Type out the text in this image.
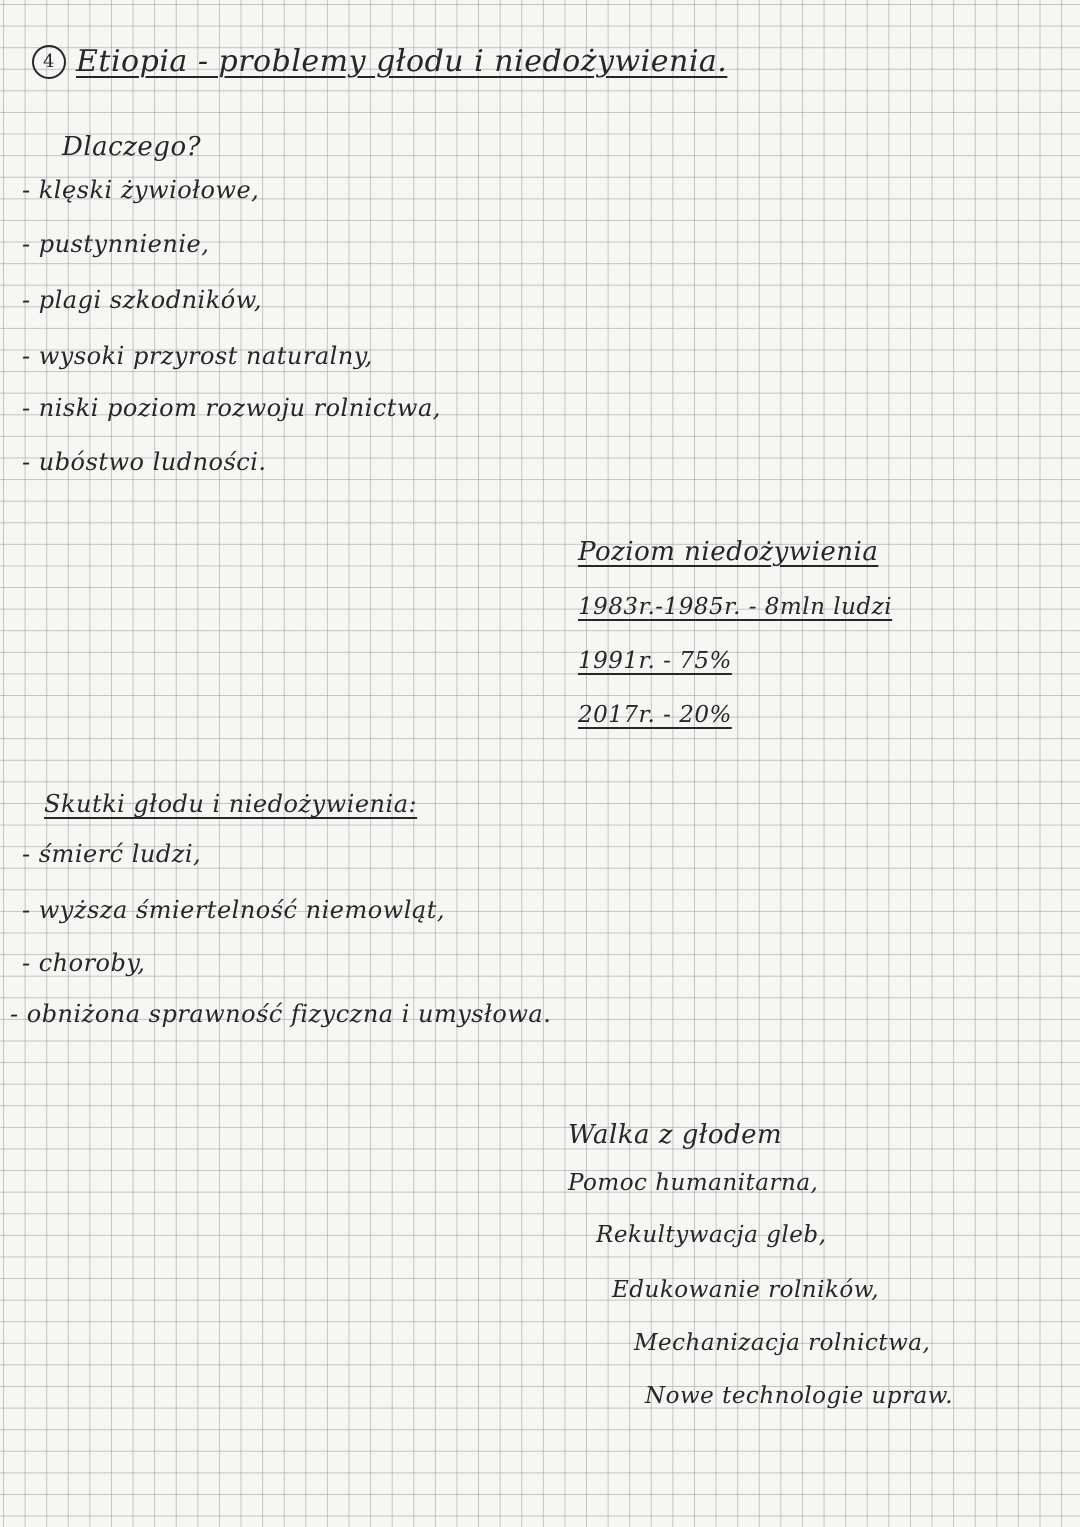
4 Etiopia - problemy głodu i niedożywienia.
Dlaczego?
- klęski żywiołowe,
- pustynnienie,
- plagi szkodników,
- wysoki przyrost naturalny,
- niski poziom rozwoju rolnictwa,
- ubóstwo ludności.
Poziom niedożywienia
1983r.-1985r. - 8mln ludzi
1991r. - 75%
2017r. - 20%
Skutki głodu i niedożywienia:
- śmierć ludzi,
- wyższa śmiertelność niemowląt,
- choroby,
- obniżona sprawność fizyczna i umysłowa.
Walka z głodem
Pomoc humanitarna,
Rekultywacja gleb,
Edukowanie rolników,
Mechanizacja rolnictwa,
Nowe technologie upraw.
